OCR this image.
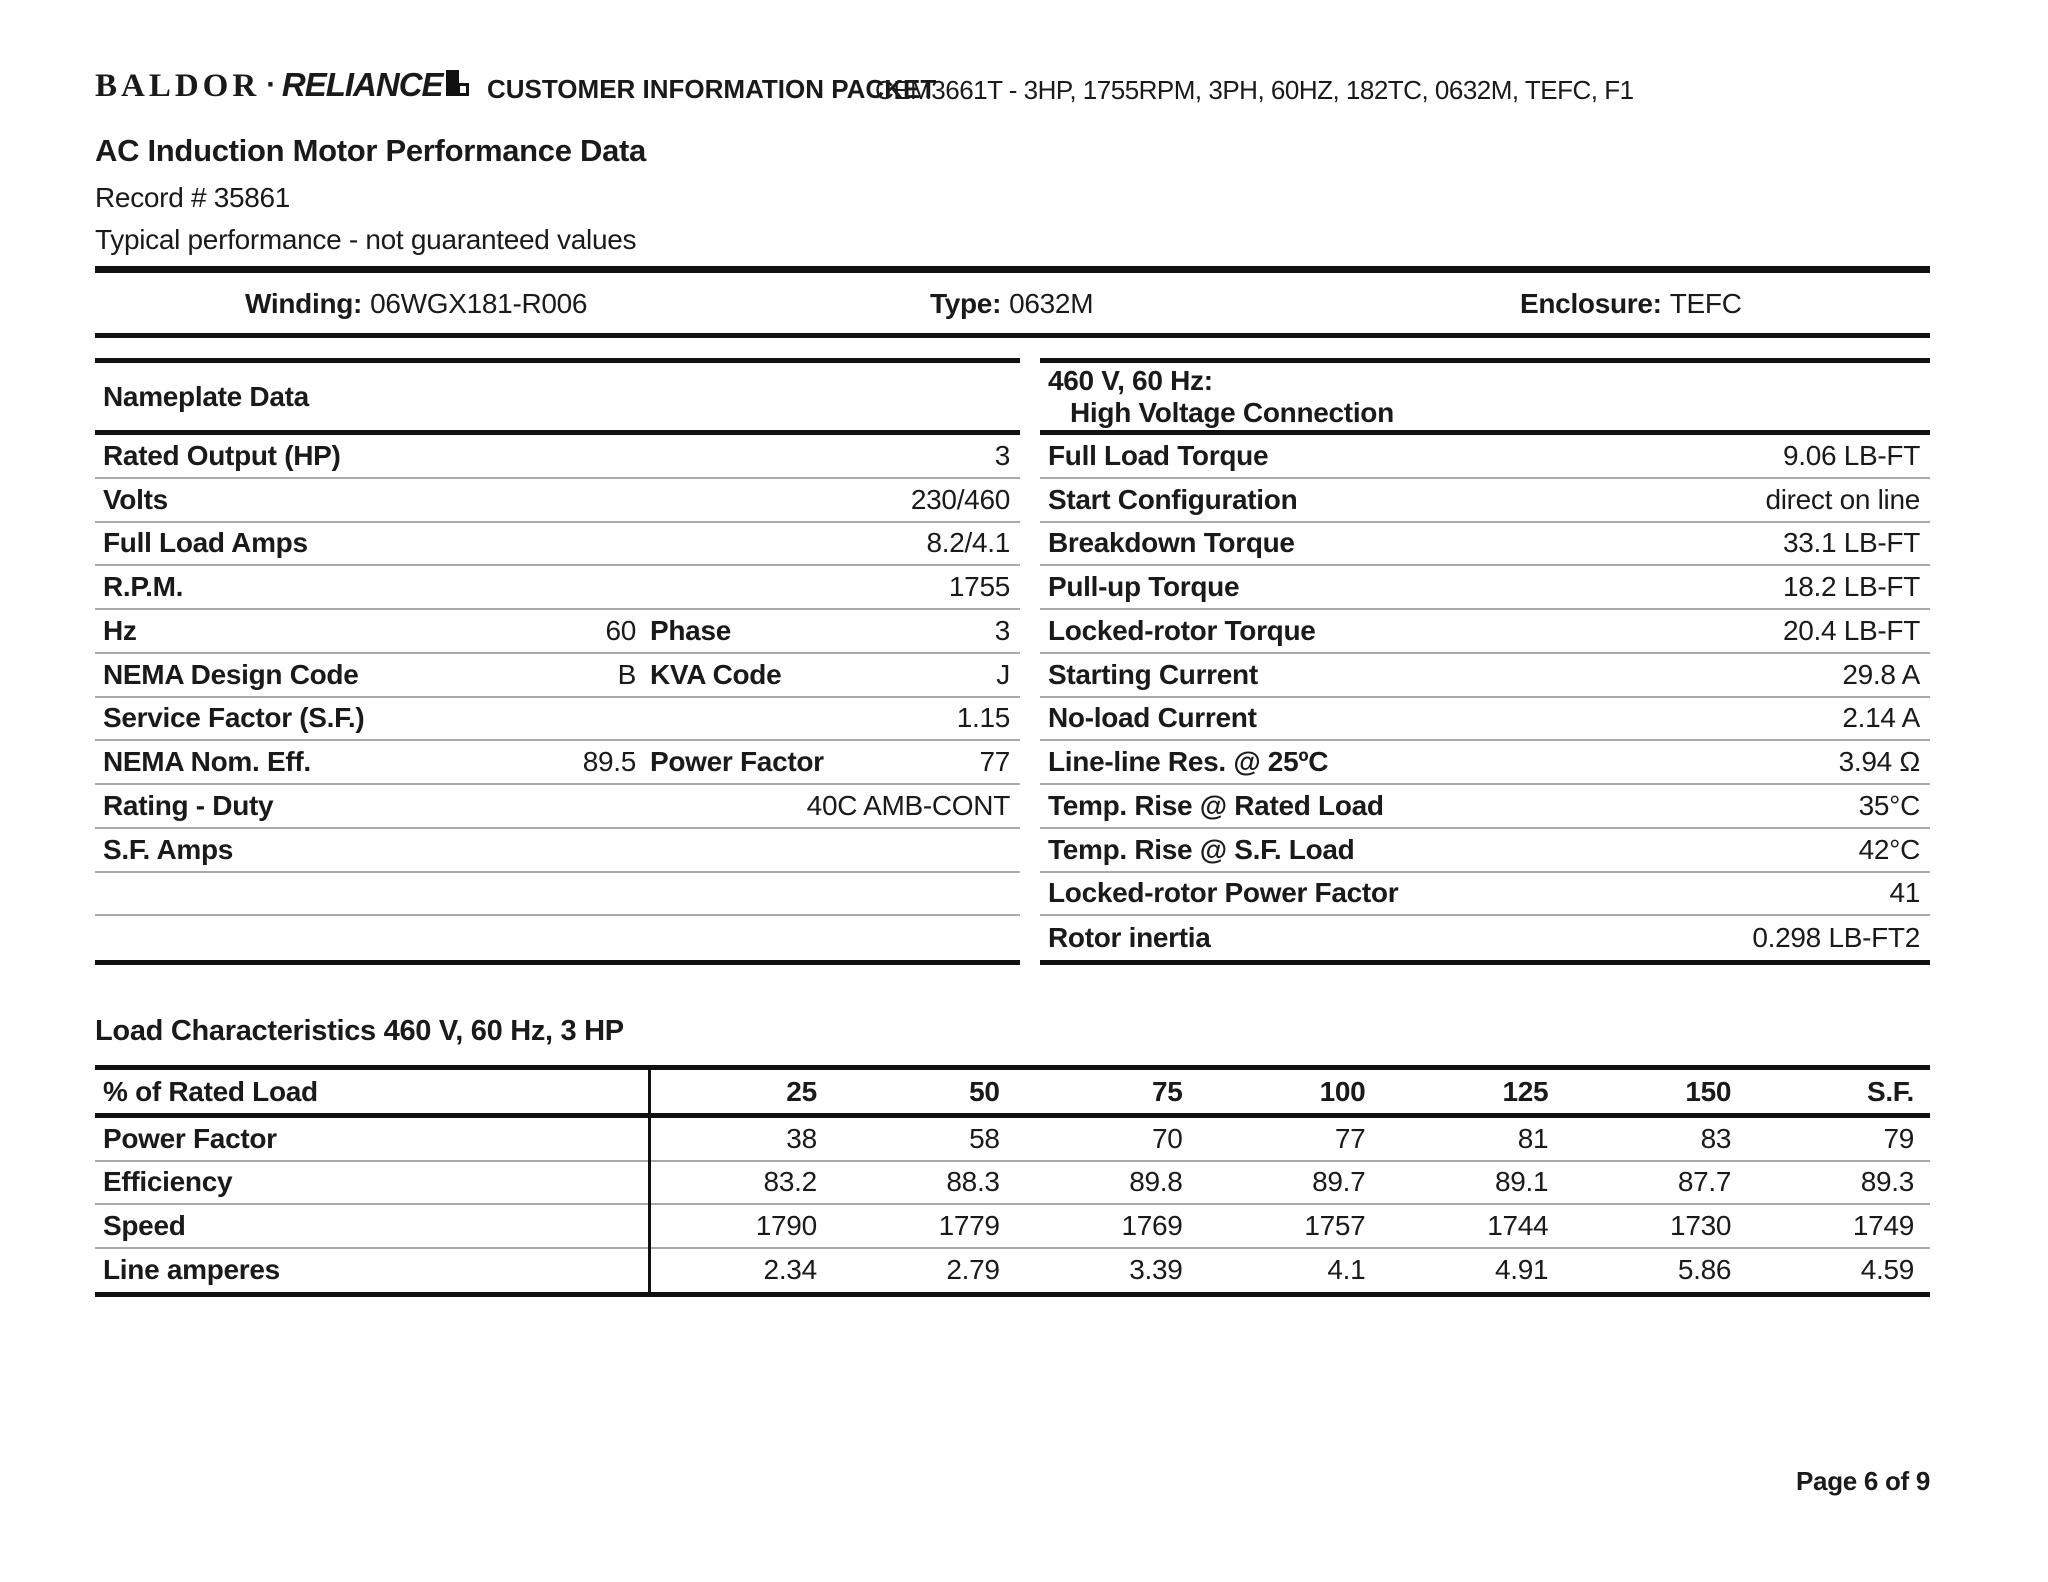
BALDOR · RELIANCE	CUSTOMER INFORMATION PACKET
CEM3661T - 3HP, 1755RPM, 3PH, 60HZ, 182TC, 0632M, TEFC, F1

AC Induction Motor Performance Data

Record # 35861

Typical performance - not guaranteed values

Winding: 06WGX181-R006	Type: 0632M	Enclosure: TEFC
Nameplate Data
Rated Output (HP)	3
Volts	230/460
Full Load Amps	8.2/4.1
R.P.M.	1755
Hz	60 Phase	3
NEMA Design Code	B KVA Code	J
Service Factor (S.F.)	1.15
NEMA Nom. Eff.	89.5 Power Factor	77
Rating - Duty	40C AMB-CONT
S.F. Amps
460 V, 60 Hz:
High Voltage Connection
Full Load Torque	9.06 LB-FT
Start Configuration	direct on line
Breakdown Torque	33.1 LB-FT
Pull-up Torque	18.2 LB-FT
Locked-rotor Torque	20.4 LB-FT
Starting Current	29.8 A
No-load Current	2.14 A
Line-line Res. @ 25ºC	3.94 Ω
Temp. Rise @ Rated Load	35°C
Temp. Rise @ S.F. Load	42°C
Locked-rotor Power Factor	41
Rotor inertia	0.298 LB-FT2
Load Characteristics 460 V, 60 Hz, 3 HP
% of Rated Load	25	50	75	100	125	150	S.F.
Power Factor	38	58	70	77	81	83	79
Efficiency	83.2	88.3	89.8	89.7	89.1	87.7	89.3
Speed	1790	1779	1769	1757	1744	1730	1749
Line amperes	2.34	2.79	3.39	4.1	4.91	5.86	4.59
Page 6 of 9
